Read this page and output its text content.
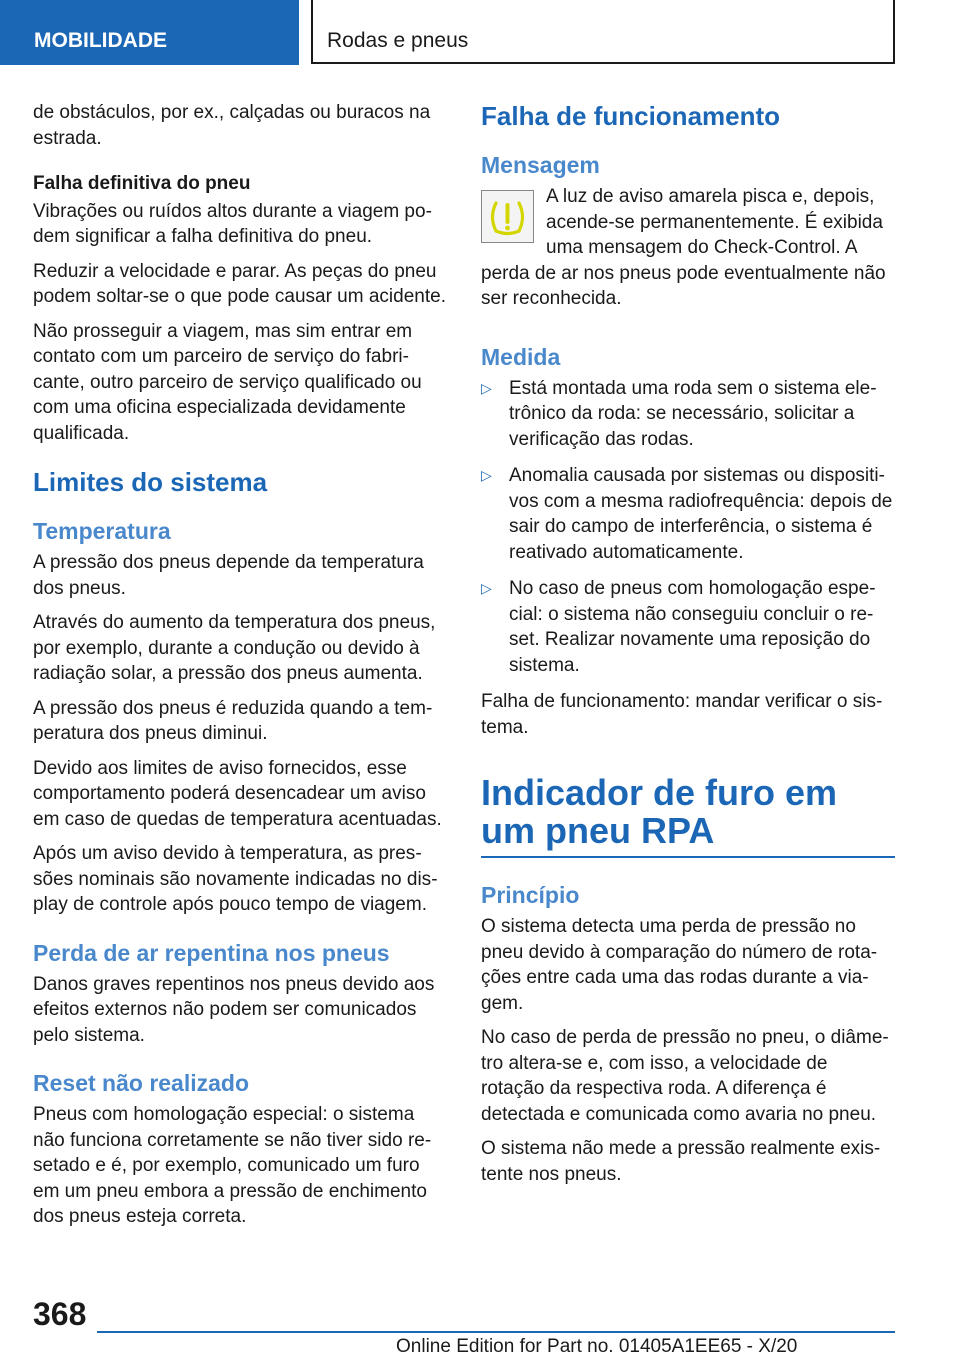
MOBILIDADE	Rodas e pneus

de obstáculos, por ex., calçadas ou buracos na estrada.

Falha definitiva do pneu

Vibrações ou ruídos altos durante a viagem podem significar a falha definitiva do pneu.

Reduzir a velocidade e parar. As peças do pneu podem soltar-se o que pode causar um acidente.

Não prosseguir a viagem, mas sim entrar em contato com um parceiro de serviço do fabricante, outro parceiro de serviço qualificado ou com uma oficina especializada devidamente qualificada.

Limites do sistema
Temperatura

A pressão dos pneus depende da temperatura dos pneus.

Através do aumento da temperatura dos pneus, por exemplo, durante a condução ou devido à radiação solar, a pressão dos pneus aumenta.

A pressão dos pneus é reduzida quando a temperatura dos pneus diminui.

Devido aos limites de aviso fornecidos, esse comportamento poderá desencadear um aviso em caso de quedas de temperatura acentuadas.

Após um aviso devido à temperatura, as pressões nominais são novamente indicadas no display de controle após pouco tempo de viagem.

Perda de ar repentina nos pneus

Danos graves repentinos nos pneus devido aos efeitos externos não podem ser comunicados pelo sistema.

Reset não realizado

Pneus com homologação especial: o sistema não funciona corretamente se não tiver sido resetado e é, por exemplo, comunicado um furo em um pneu embora a pressão de enchimento dos pneus esteja correta.

Falha de funcionamento
Mensagem

A luz de aviso amarela pisca e, depois, acende-se permanentemente. É exibida uma mensagem do Check-Control. A perda de ar nos pneus pode eventualmente não ser reconhecida.

Medida
▷ Está montada uma roda sem o sistema eletrônico da roda: se necessário, solicitar a verificação das rodas.
▷ Anomalia causada por sistemas ou dispositivos com a mesma radiofrequência: depois de sair do campo de interferência, o sistema é reativado automaticamente.
▷ No caso de pneus com homologação especial: o sistema não conseguiu concluir o reset. Realizar novamente uma reposição do sistema.

Falha de funcionamento: mandar verificar o sistema.

Indicador de furo em um pneu RPA
Princípio

O sistema detecta uma perda de pressão no pneu devido à comparação do número de rotações entre cada uma das rodas durante a viagem.

No caso de perda de pressão no pneu, o diâmetro altera-se e, com isso, a velocidade de rotação da respectiva roda. A diferença é detectada e comunicada como avaria no pneu.

O sistema não mede a pressão realmente existente nos pneus.

368
Online Edition for Part no. 01405A1EE65 - X/20
